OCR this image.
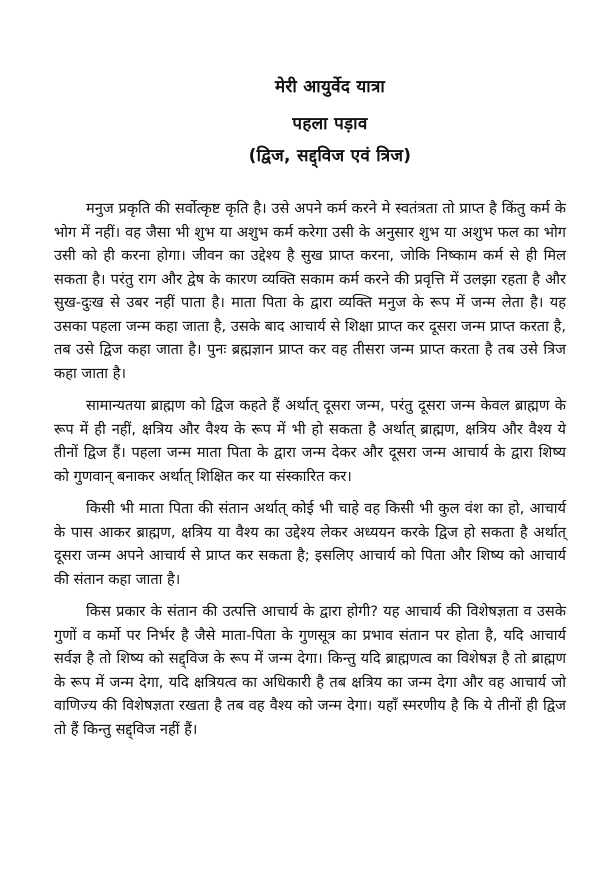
मेरी आयुर्वेद यात्रा
पहला पड़ाव
(द्विज, सद्द्विज एवं त्रिज)

मनुज प्रकृति की सर्वोत्कृष्ट कृति है। उसे अपने कर्म करने मे स्वतंत्रता तो प्राप्त है किंतु कर्म के भोग में नहीं। वह जैसा भी शुभ या अशुभ कर्म करेगा उसी के अनुसार शुभ या अशुभ फल का भोग उसी को ही करना होगा। जीवन का उद्देश्य है सुख प्राप्त करना, जोकि निष्काम कर्म से ही मिल सकता है। परंतु राग और द्वेष के कारण व्यक्ति सकाम कर्म करने की प्रवृत्ति में उलझा रहता है और सुख-दुःख से उबर नहीं पाता है। माता पिता के द्वारा व्यक्ति मनुज के रूप में जन्म लेता है। यह उसका पहला जन्म कहा जाता है, उसके बाद आचार्य से शिक्षा प्राप्त कर दूसरा जन्म प्राप्त करता है, तब उसे द्विज कहा जाता है। पुनः ब्रह्मज्ञान प्राप्त कर वह तीसरा जन्म प्राप्त करता है तब उसे त्रिज कहा जाता है।

सामान्यतया ब्राह्मण को द्विज कहते हैं अर्थात् दूसरा जन्म, परंतु दूसरा जन्म केवल ब्राह्मण के रूप में ही नहीं, क्षत्रिय और वैश्य के रूप में भी हो सकता है अर्थात् ब्राह्मण, क्षत्रिय और वैश्य ये तीनों द्विज हैं। पहला जन्म माता पिता के द्वारा जन्म देकर और दूसरा जन्म आचार्य के द्वारा शिष्य को गुणवान् बनाकर अर्थात् शिक्षित कर या संस्कारित कर।

किसी भी माता पिता की संतान अर्थात् कोई भी चाहे वह किसी भी कुल वंश का हो, आचार्य के पास आकर ब्राह्मण, क्षत्रिय या वैश्य का उद्देश्य लेकर अध्ययन करके द्विज हो सकता है अर्थात् दूसरा जन्म अपने आचार्य से प्राप्त कर सकता है; इसलिए आचार्य को पिता और शिष्य को आचार्य की संतान कहा जाता है।

किस प्रकार के संतान की उत्पत्ति आचार्य के द्वारा होगी? यह आचार्य की विशेषज्ञता व उसके गुणों व कर्मो पर निर्भर है जैसे माता-पिता के गुणसूत्र का प्रभाव संतान पर होता है, यदि आचार्य सर्वज्ञ है तो शिष्य को सद्द्विज के रूप में जन्म देगा। किन्तु यदि ब्राह्मणत्व का विशेषज्ञ है तो ब्राह्मण के रूप में जन्म देगा, यदि क्षत्रियत्व का अधिकारी है तब क्षत्रिय का जन्म देगा और वह आचार्य जो वाणिज्य की विशेषज्ञता रखता है तब वह वैश्य को जन्म देगा। यहाँ स्मरणीय है कि ये तीनों ही द्विज तो हैं किन्तु सद्द्विज नहीं हैं।
